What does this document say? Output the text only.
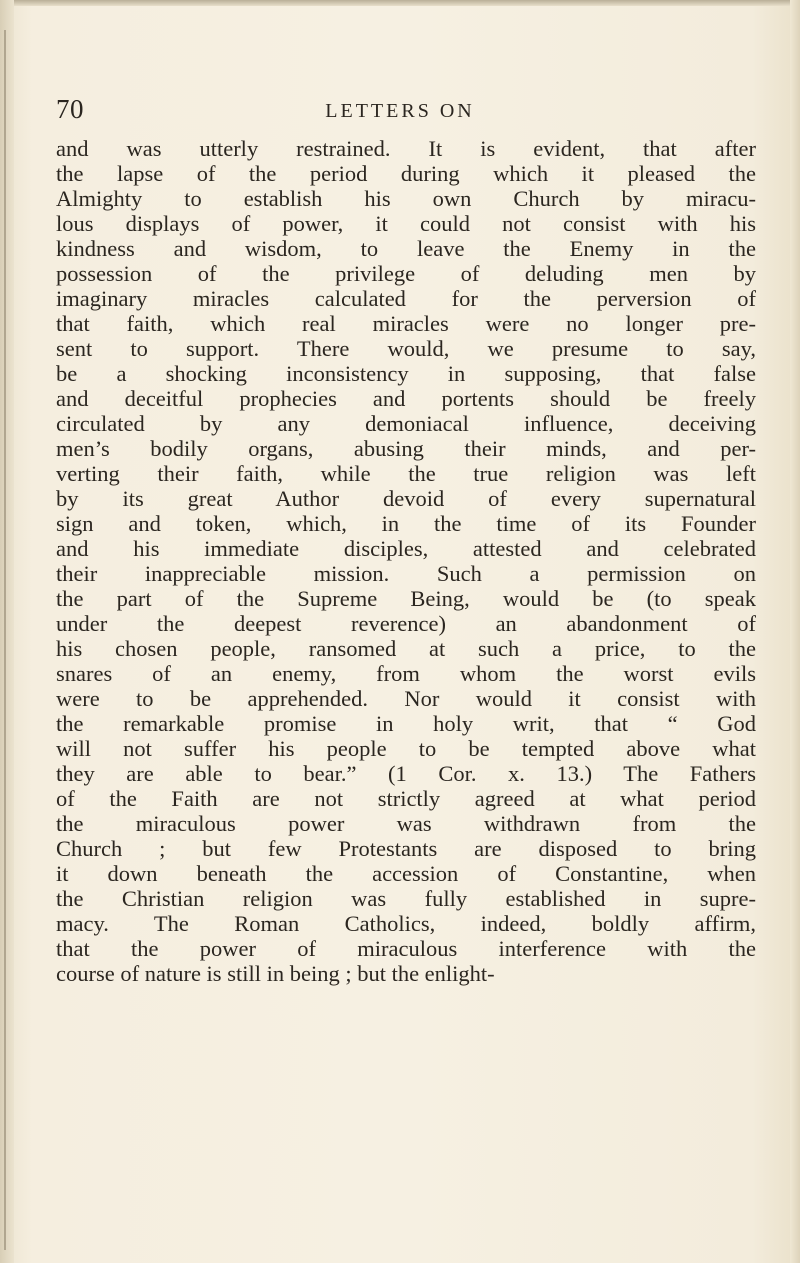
70	LETTERS ON
and was utterly restrained. It is evident, that after
the lapse of the period during which it pleased the
Almighty to establish his own Church by miracu-
lous displays of power, it could not consist with his
kindness and wisdom, to leave the Enemy in the
possession of the privilege of deluding men by
imaginary miracles calculated for the perversion of
that faith, which real miracles were no longer pre-
sent to support. There would, we presume to say,
be a shocking inconsistency in supposing, that false
and deceitful prophecies and portents should be freely
circulated by any demoniacal influence, deceiving
men’s bodily organs, abusing their minds, and per-
verting their faith, while the true religion was left
by its great Author devoid of every supernatural
sign and token, which, in the time of its Founder
and his immediate disciples, attested and celebrated
their inappreciable mission. Such a permission on
the part of the Supreme Being, would be (to speak
under the deepest reverence) an abandonment of
his chosen people, ransomed at such a price, to the
snares of an enemy, from whom the worst evils
were to be apprehended. Nor would it consist with
the remarkable promise in holy writ, that “ God
will not suffer his people to be tempted above what
they are able to bear.” (1 Cor. x. 13.) The Fathers
of the Faith are not strictly agreed at what period
the miraculous power was withdrawn from the
Church ; but few Protestants are disposed to bring
it down beneath the accession of Constantine, when
the Christian religion was fully established in supre-
macy. The Roman Catholics, indeed, boldly affirm,
that the power of miraculous interference with the
course of nature is still in being ; but the enlight-
